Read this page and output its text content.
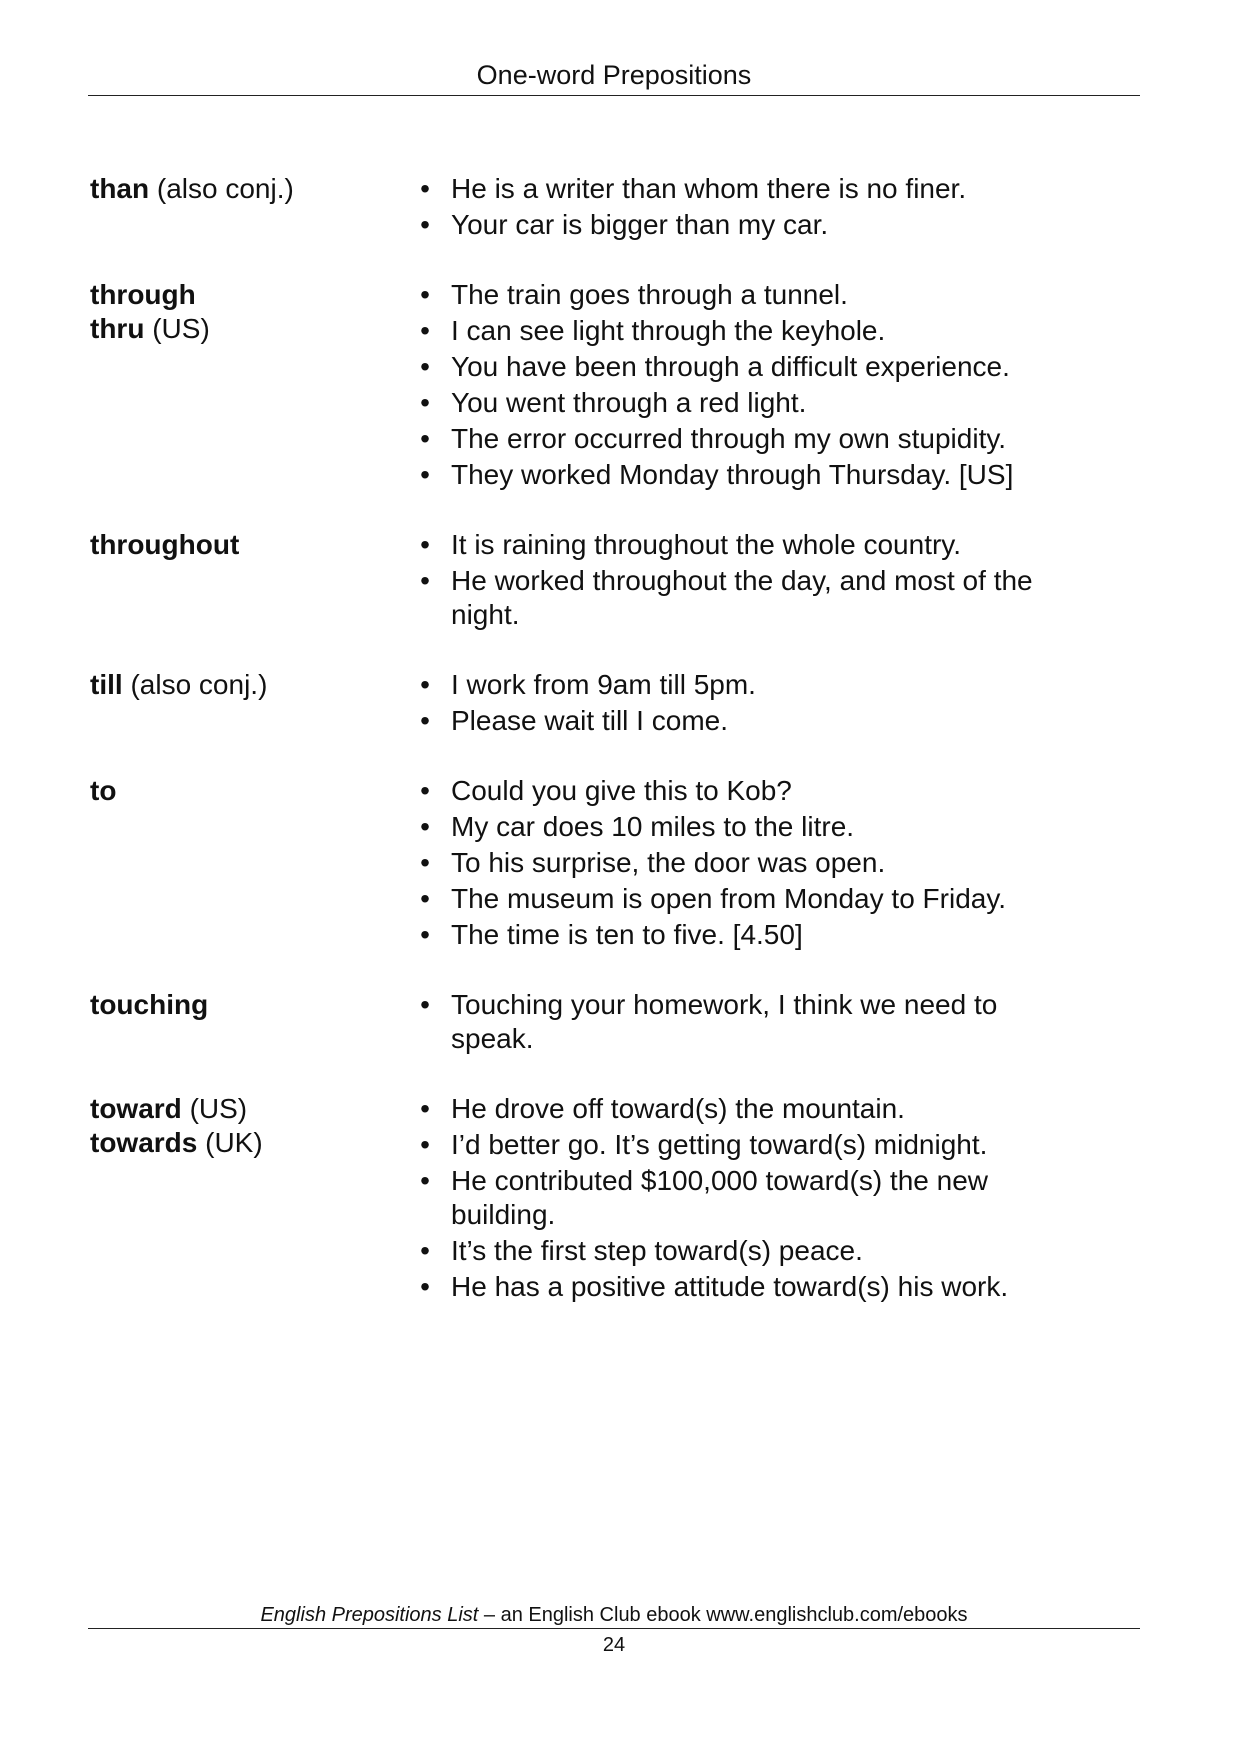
One-word Prepositions
than (also conj.)	• He is a writer than whom there is no finer.
• Your car is bigger than my car.
through
thru (US)
• The train goes through a tunnel.
• I can see light through the keyhole.
• You have been through a difficult experience.
• You went through a red light.
• The error occurred through my own stupidity.
• They worked Monday through Thursday. [US]
throughout	• It is raining throughout the whole country.
• He worked throughout the day, and most of the night.
till (also conj.)	• I work from 9am till 5pm.
• Please wait till I come.
to	• Could you give this to Kob?
• My car does 10 miles to the litre.
• To his surprise, the door was open.
• The museum is open from Monday to Friday.
• The time is ten to five. [4.50]
touching	• Touching your homework, I think we need to speak.
toward (US)
towards (UK)
• He drove off toward(s) the mountain.
• I’d better go. It’s getting toward(s) midnight.
• He contributed $100,000 toward(s) the new building.
• It’s the first step toward(s) peace.
• He has a positive attitude toward(s) his work.
English Prepositions List – an English Club ebook www.englishclub.com/ebooks
24
